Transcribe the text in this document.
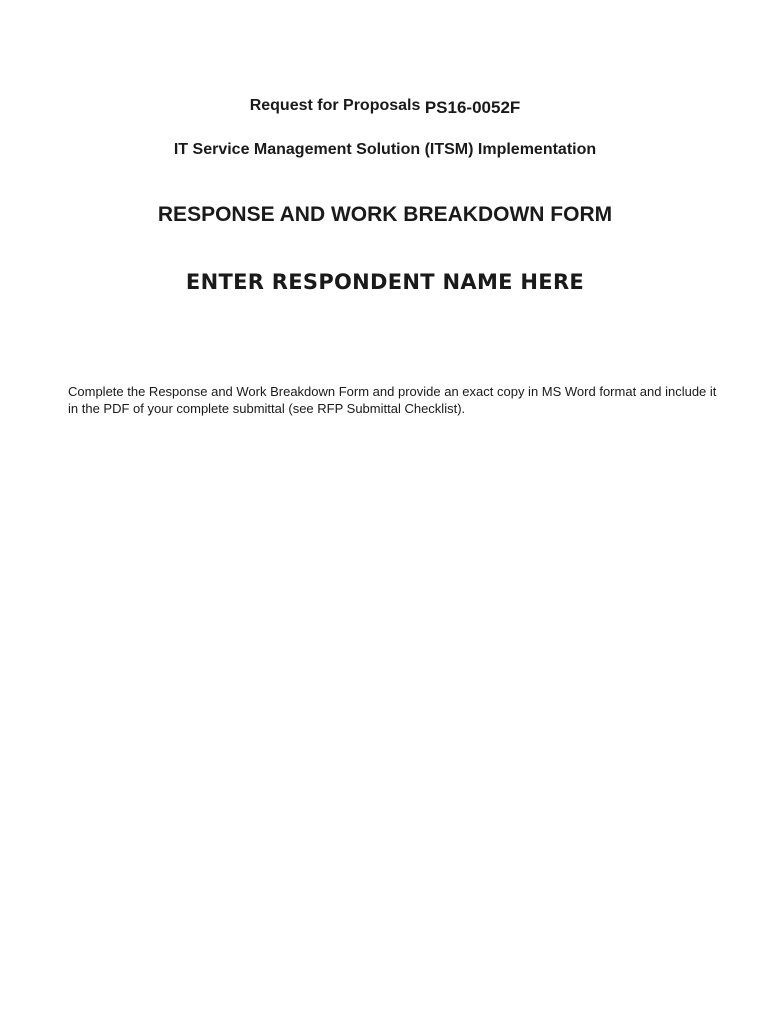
Request for Proposals PS16-0052F
IT Service Management Solution (ITSM) Implementation
RESPONSE AND WORK BREAKDOWN FORM
ENTER RESPONDENT NAME HERE
Complete the Response and Work Breakdown Form and provide an exact copy in MS Word format and include it in the PDF of your complete submittal (see RFP Submittal Checklist).
